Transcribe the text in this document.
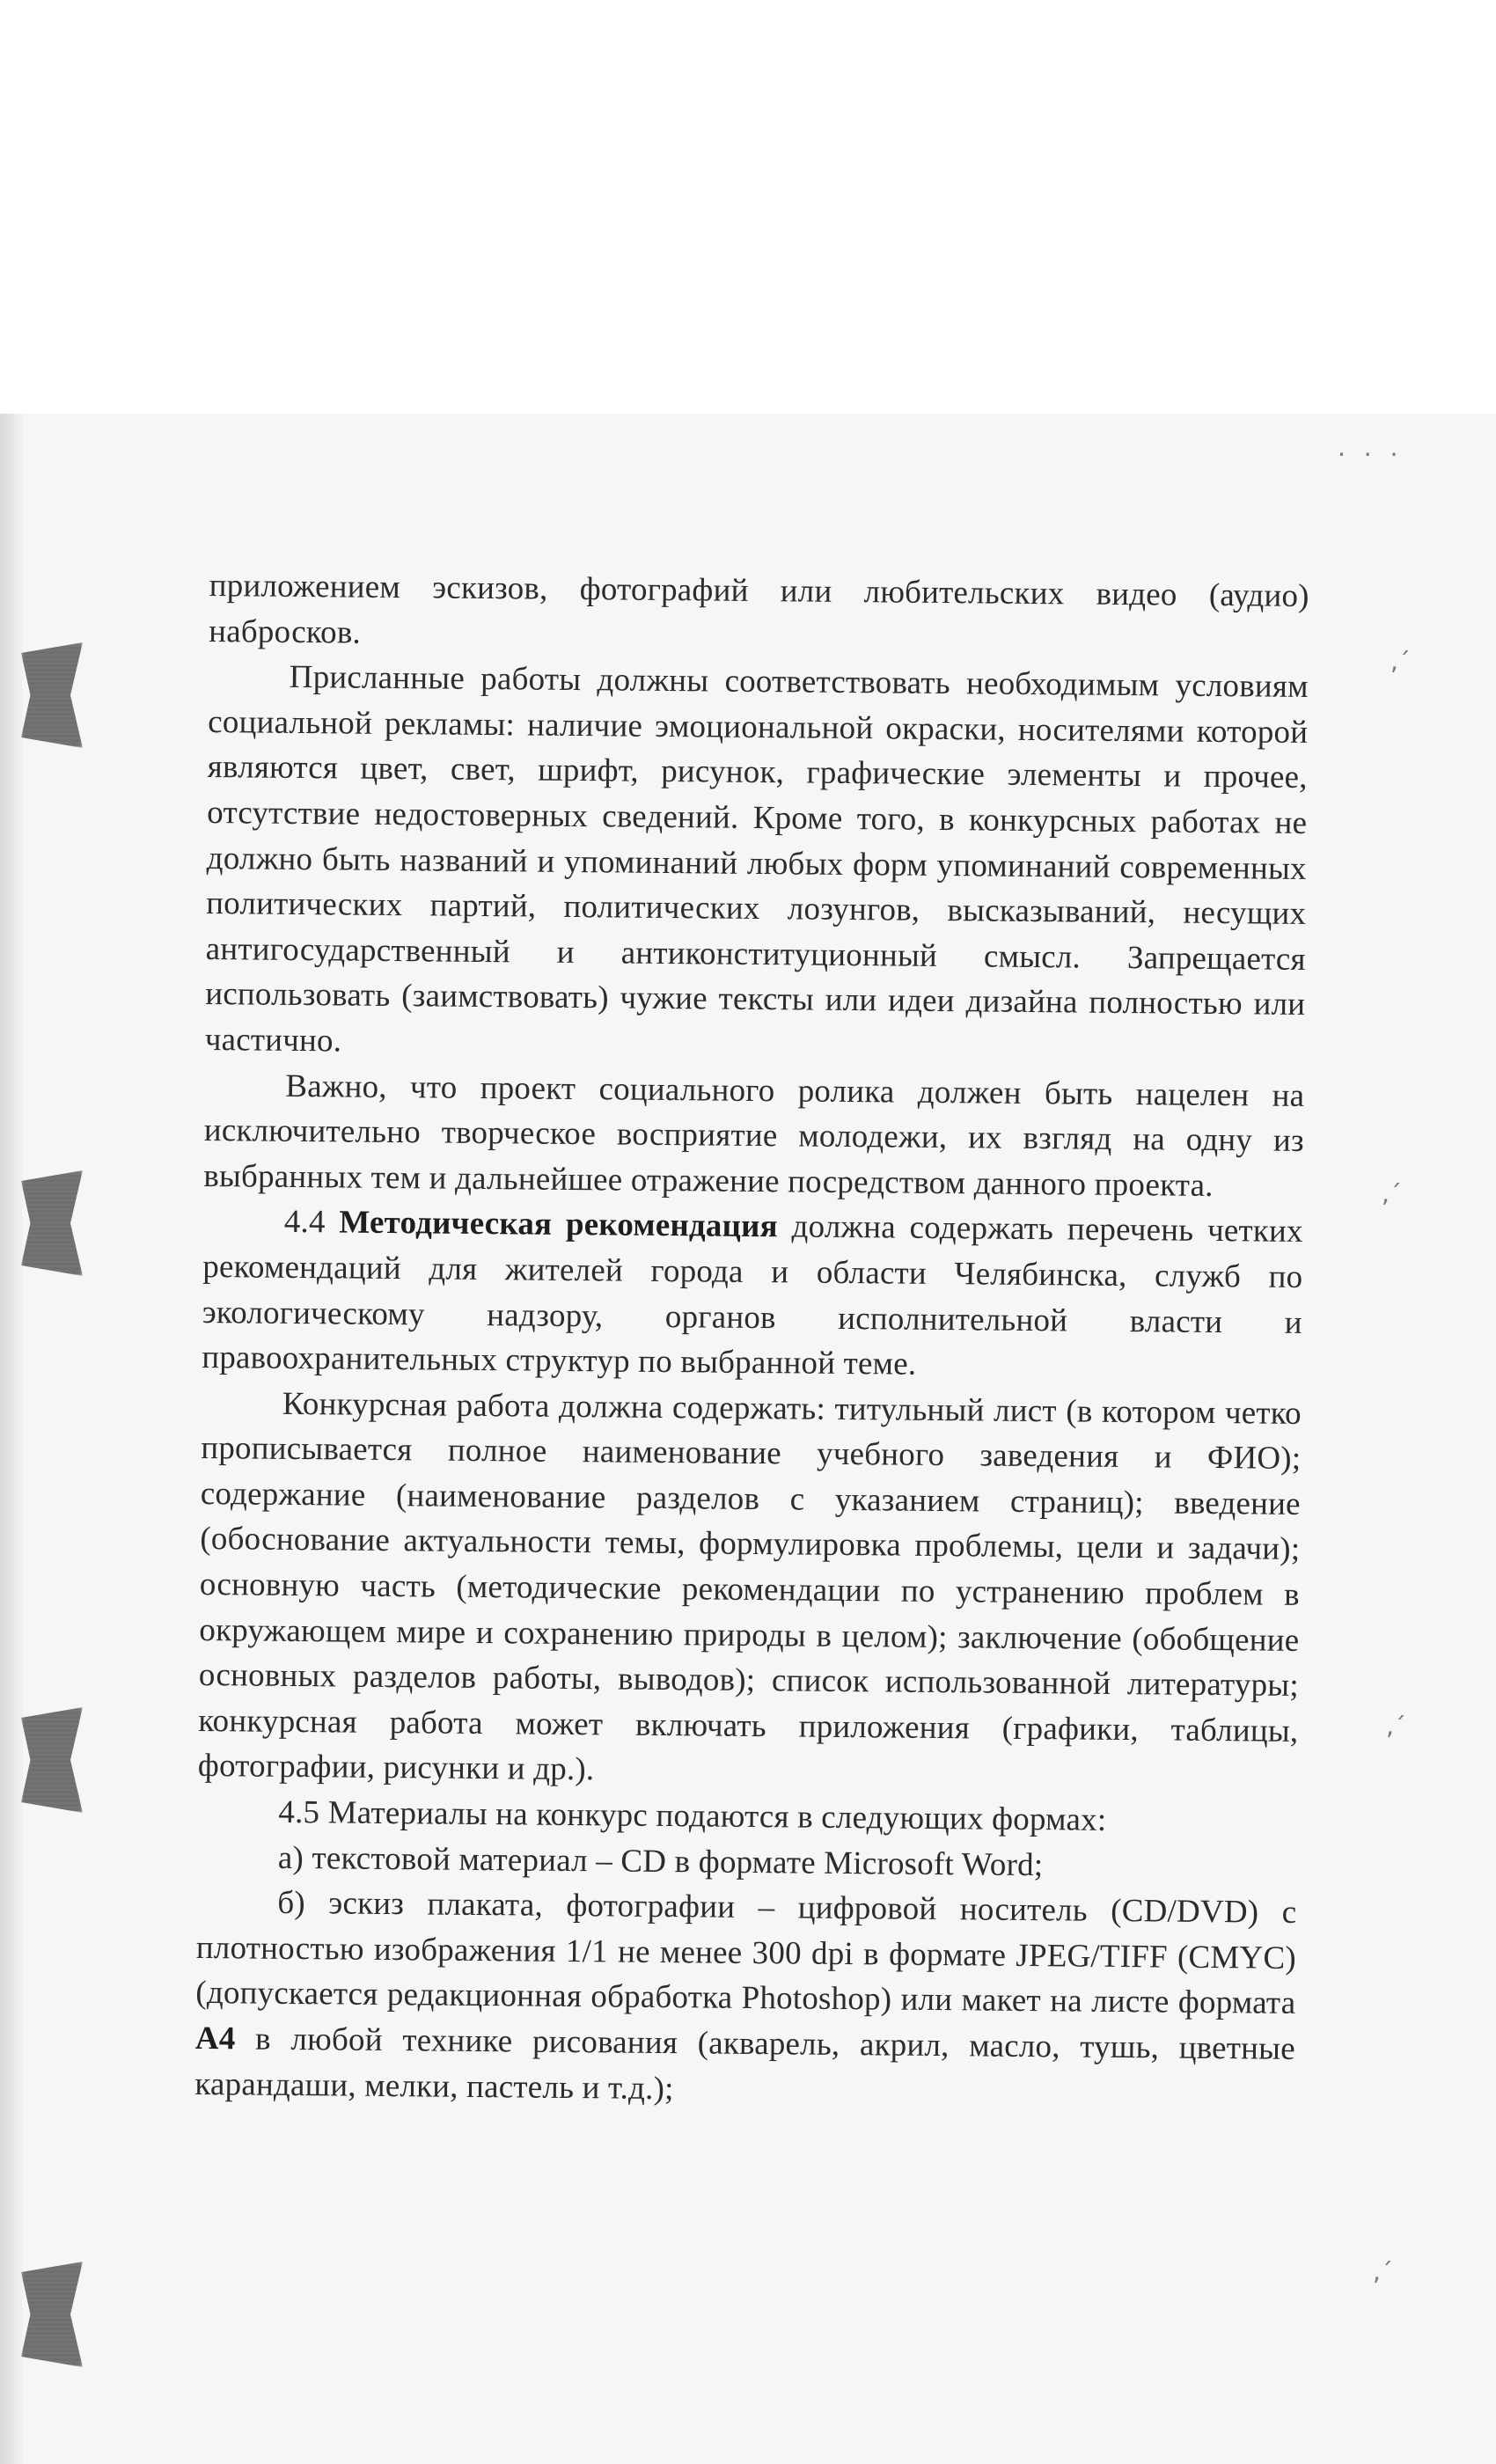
· · ·
,ˊ
,ˊ
,ˊ
,ˊ

приложением эскизов, фотографий или любительских видео (аудио) набросков.

Присланные работы должны соответствовать необходимым условиям социальной рекламы: наличие эмоциональной окраски, носителями которой являются цвет, свет, шрифт, рисунок, графические элементы и прочее, отсутствие недостоверных сведений. Кроме того, в конкурсных работах не должно быть названий и упоминаний любых форм упоминаний современных политических партий, политических лозунгов, высказываний, несущих антигосударственный и антиконституционный смысл. Запрещается использовать (заимствовать) чужие тексты или идеи дизайна полностью или частично.

Важно, что проект социального ролика должен быть нацелен на исключительно творческое восприятие молодежи, их взгляд на одну из выбранных тем и дальнейшее отражение посредством данного проекта.

4.4 Методическая рекомендация должна содержать перечень четких рекомендаций для жителей города и области Челябинска, служб по экологическому надзору, органов исполнительной власти и правоохранительных структур по выбранной теме.

Конкурсная работа должна содержать: титульный лист (в котором четко прописывается полное наименование учебного заведения и ФИО); содержание (наименование разделов с указанием страниц); введение (обоснование актуальности темы, формулировка проблемы, цели и задачи); основную часть (методические рекомендации по устранению проблем в окружающем мире и сохранению природы в целом); заключение (обобщение основных разделов работы, выводов); список использованной литературы; конкурсная работа может включать приложения (графики, таблицы, фотографии, рисунки и др.).

4.5 Материалы на конкурс подаются в следующих формах:

а) текстовой материал – CD в формате Microsoft Word;

б) эскиз плаката, фотографии – цифровой носитель (CD/DVD) с плотностью изображения 1/1 не менее 300 dpi в формате JPEG/TIFF (CMYC) (допускается редакционная обработка Photoshop) или макет на листе формата А4 в любой технике рисования (акварель, акрил, масло, тушь, цветные карандаши, мелки, пастель и т.д.);
